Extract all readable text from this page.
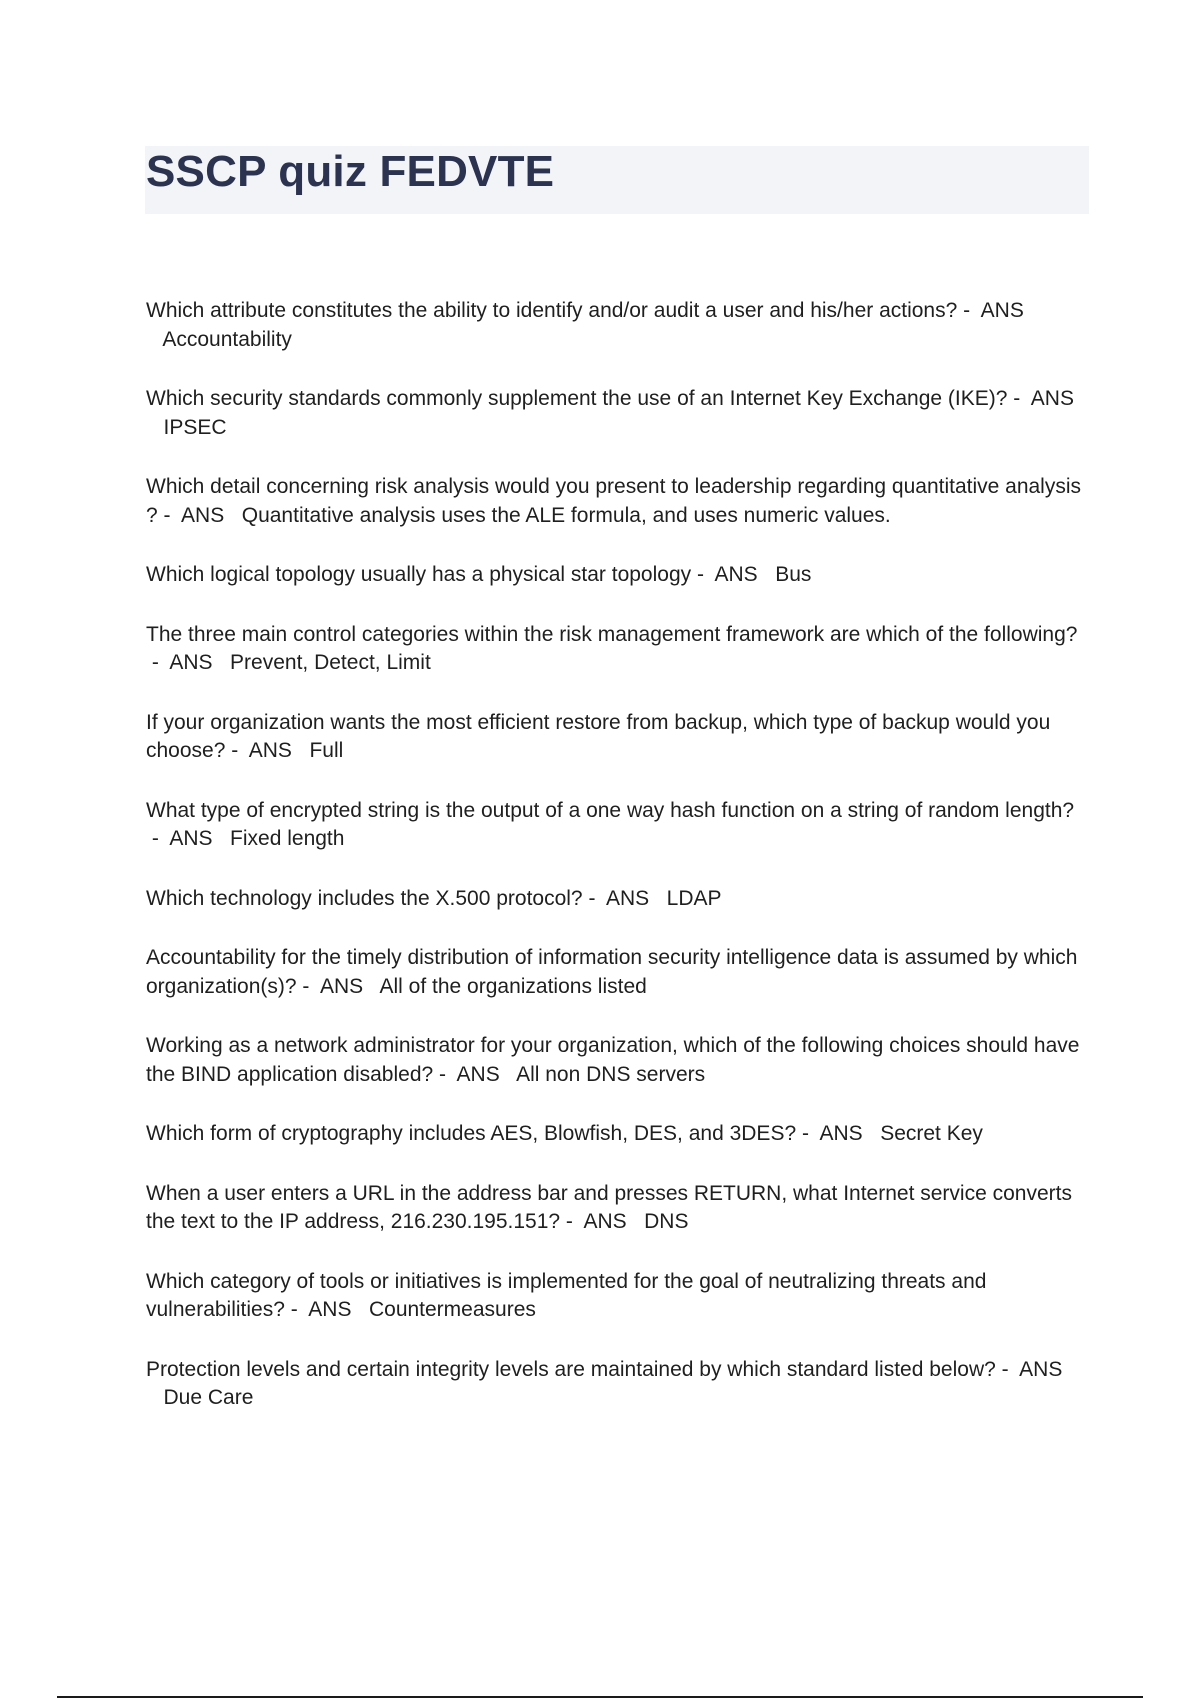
SSCP quiz FEDVTE

Which attribute constitutes the ability to identify and/or audit a user and his/her actions? -  ANS   Accountability

Which security standards commonly supplement the use of an Internet Key Exchange (IKE)? -  ANS   IPSEC

Which detail concerning risk analysis would you present to leadership regarding quantitative analysis ? -  ANS Quantitative analysis uses the ALE formula, and uses numeric values.

Which logical topology usually has a physical star topology -  ANS Bus

The three main control categories within the risk management framework are which of the following? -  ANS Prevent, Detect, Limit

If your organization wants the most efficient restore from backup, which type of backup would you choose? -  ANS Full

What type of encrypted string is the output of a one way hash function on a string of random length? -  ANS Fixed length

Which technology includes the X.500 protocol? -  ANS LDAP

Accountability for the timely distribution of information security intelligence data is assumed by which organization(s)? -  ANS All of the organizations listed

Working as a network administrator for your organization, which of the following choices should have the BIND application disabled? -  ANS All non DNS servers

Which form of cryptography includes AES, Blowfish, DES, and 3DES? -  ANS Secret Key

When a user enters a URL in the address bar and presses RETURN, what Internet service converts the text to the IP address, 216.230.195.151? -  ANS DNS

Which category of tools or initiatives is implemented for the goal of neutralizing threats and vulnerabilities? -  ANS Countermeasures

Protection levels and certain integrity levels are maintained by which standard listed below? -  ANS   Due Care
